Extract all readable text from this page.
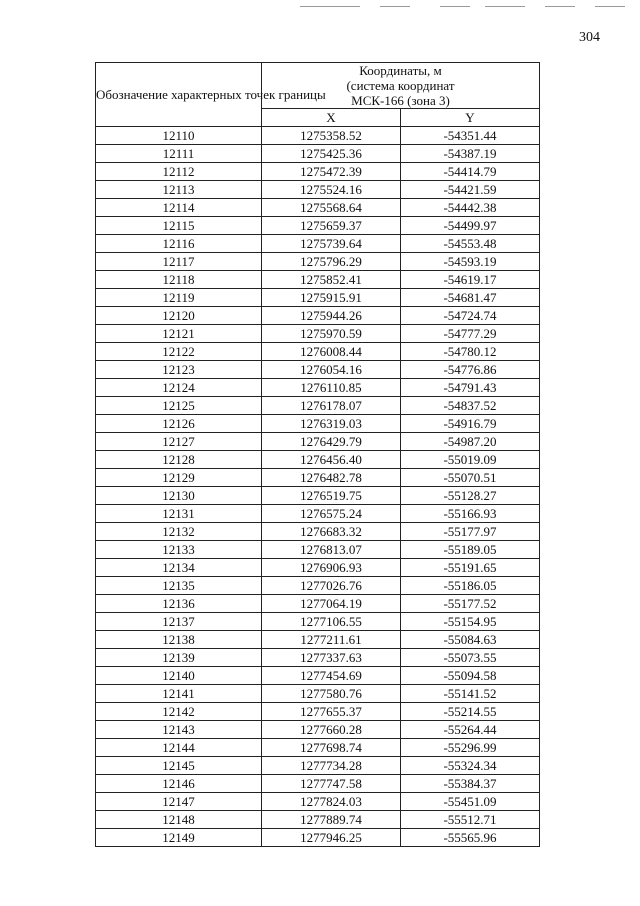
304
Обозначение характерных точек границы	Координаты, м
(система координат
МСК-166 (зона 3)	

	X	Y
12110	1275358.52	-54351.44
12111	1275425.36	-54387.19
12112	1275472.39	-54414.79
12113	1275524.16	-54421.59
12114	1275568.64	-54442.38
12115	1275659.37	-54499.97
12116	1275739.64	-54553.48
12117	1275796.29	-54593.19
12118	1275852.41	-54619.17
12119	1275915.91	-54681.47
12120	1275944.26	-54724.74
12121	1275970.59	-54777.29
12122	1276008.44	-54780.12
12123	1276054.16	-54776.86
12124	1276110.85	-54791.43
12125	1276178.07	-54837.52
12126	1276319.03	-54916.79
12127	1276429.79	-54987.20
12128	1276456.40	-55019.09
12129	1276482.78	-55070.51
12130	1276519.75	-55128.27
12131	1276575.24	-55166.93
12132	1276683.32	-55177.97
12133	1276813.07	-55189.05
12134	1276906.93	-55191.65
12135	1277026.76	-55186.05
12136	1277064.19	-55177.52
12137	1277106.55	-55154.95
12138	1277211.61	-55084.63
12139	1277337.63	-55073.55
12140	1277454.69	-55094.58
12141	1277580.76	-55141.52
12142	1277655.37	-55214.55
12143	1277660.28	-55264.44
12144	1277698.74	-55296.99
12145	1277734.28	-55324.34
12146	1277747.58	-55384.37
12147	1277824.03	-55451.09
12148	1277889.74	-55512.71
12149	1277946.25	-55565.96
